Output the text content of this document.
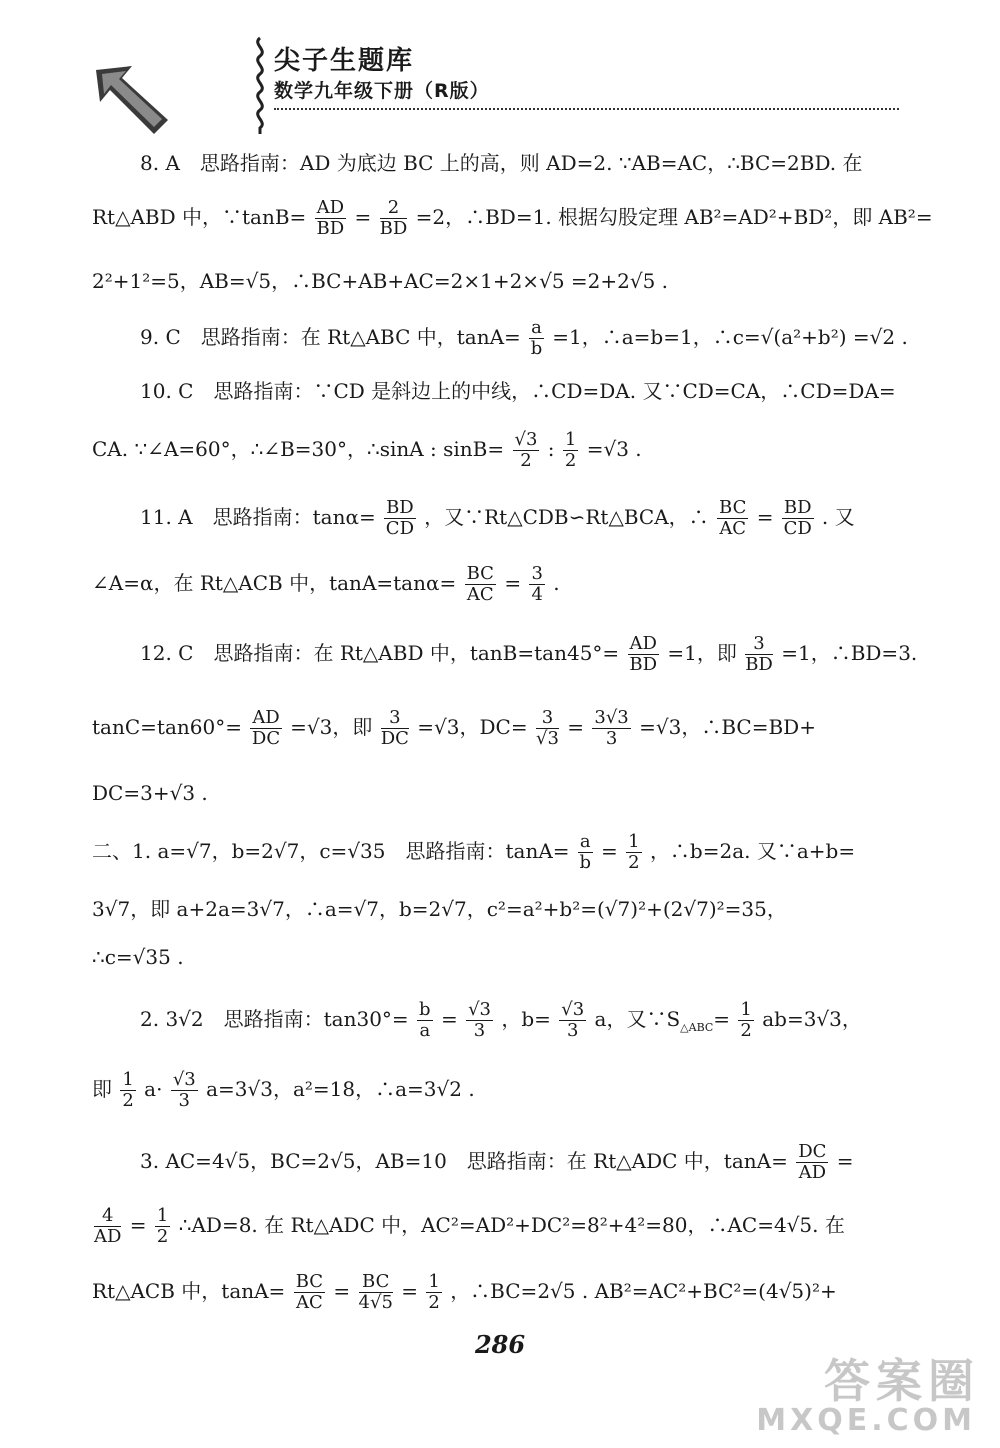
尖子生题库
数学九年级下册（R版）
8. A　思路指南：AD 为底边 BC 上的高，则 AD=2. ∵AB=AC，∴BC=2BD. 在
Rt△ABD 中，∵tanB= $\frac{AD}{BD} = \frac{2}{BD} =2$，∴BD=1. 根据勾股定理 AB²=AD²+BD²，即 AB²=
2²+1²=5，AB=√5，∴BC+AB+AC=2×1+2×√5 =2+2√5 .
9. C　思路指南：在 Rt△ABC 中，$\tan A= \frac{a}{b} =1$，∴a=b=1，∴c=√(a²+b²) =√2 .
10. C　思路指南：∵CD 是斜边上的中线，∴CD=DA. 又∵CD=CA，∴CD=DA=
CA. ∵∠A=60°，∴∠B=30°，∴sinA : $\sin B= \frac{√3}{2}$ : $\frac{1}{2} =√3$ .
11. A　思路指南：$\tan\alpha= \frac{BD}{CD}$ ，又∵Rt△CDB∽Rt△BCA，∴ $\frac{BC}{AC} = \frac{BD}{CD}$ . 又
∠A=α，在 Rt△ACB 中，$\tan A=\tan\alpha= \frac{BC}{AC} = \frac{3}{4}$ .
12. C　思路指南：在 Rt△ABD 中，$\tan B=\tan 45^\circ= \frac{AD}{BD} =1$，即 $\frac{3}{BD} =1$，∴BD=3.
$\tan C=\tan 60^\circ= \frac{AD}{DC} =√3$，即 $\frac{3}{DC} =√3$，$DC= \frac{3}{√3} = \frac{3√3}{3} =√3$，∴BC=BD+
DC=3+√3 .
二、1. a=√7，b=2√7，c=√35　思路指南：$\tan A= \frac{a}{b} = \frac{1}{2}$ ，∴b=2a. 又∵a+b=
3√7，即 a+2a=3√7，∴a=√7，b=2√7，c²=a²+b²=(√7)²+(2√7)²=35，
∴c=√35 .
2. 3√2　思路指南：$\tan 30^\circ= \frac{b}{a} = \frac{√3}{3}$ ，$b= \frac{√3}{3}$ a，又$\because S_{\triangle ABC}= \frac{1}{2} ab=3√3$，
即 $\frac{1}{2} a\cdot \frac{√3}{3} a=3√3$，a²=18，∴a=3√2 .
3. AC=4√5，BC=2√5，AB=10　思路指南：在 Rt△ADC 中，$\tan A= \frac{DC}{AD}$ =
$\frac{4}{AD} = \frac{1}{2}$ ∴AD=8. 在 Rt△ADC 中，AC²=AD²+DC²=8²+4²=80，∴AC=4√5. 在
Rt△ACB 中，$\tan A= \frac{BC}{AC} = \frac{BC}{4√5} = \frac{1}{2}$ ，∴BC=2√5 . AB²=AC²+BC²=(4√5)²+
286
答案圈
MXQE.COM
